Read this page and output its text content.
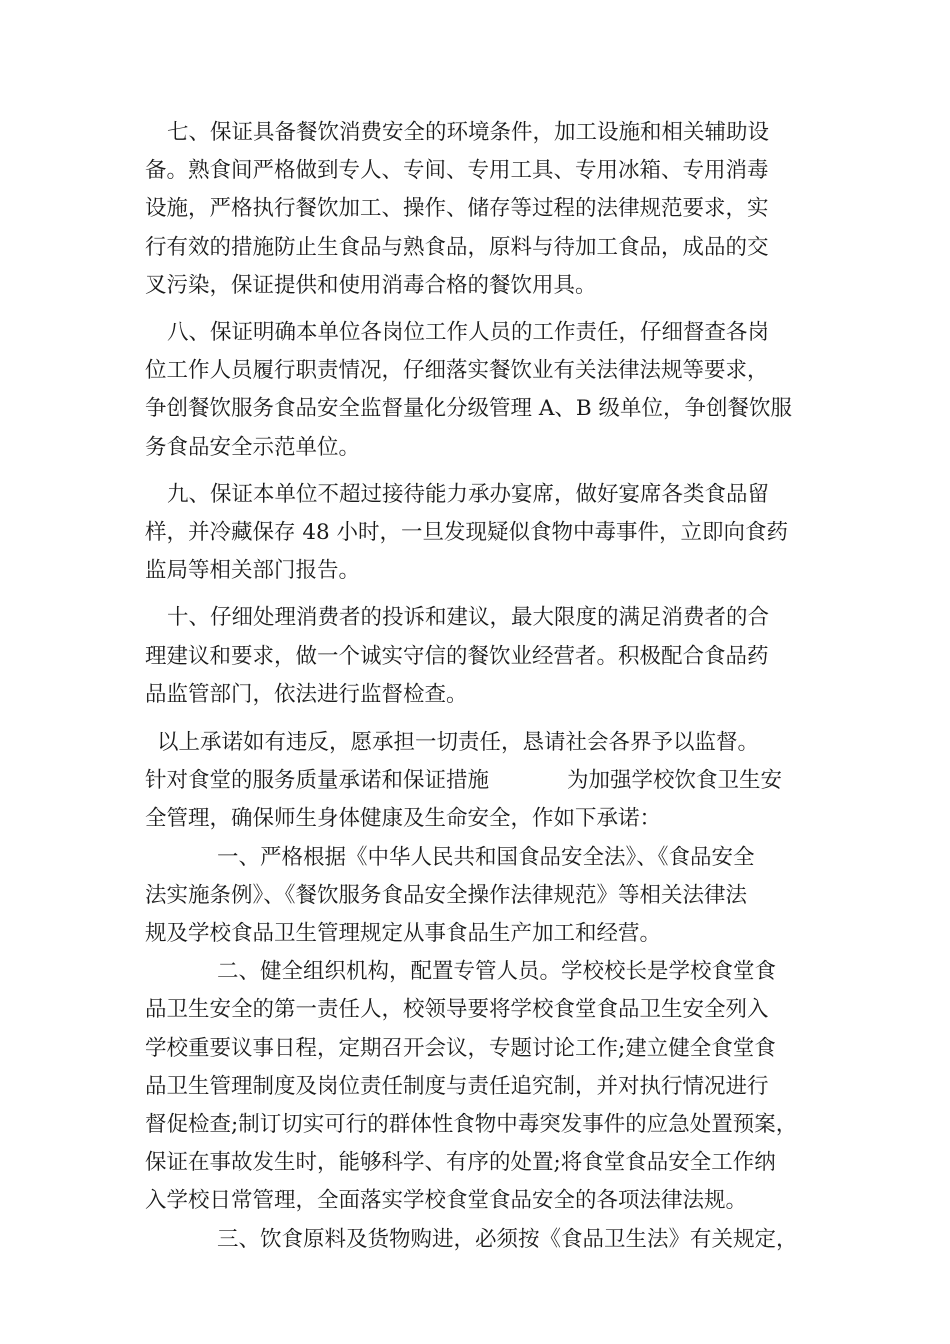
七、保证具备餐饮消费安全的环境条件，加工设施和相关辅助设

备。熟食间严格做到专人、专间、专用工具、专用冰箱、专用消毒

设施，严格执行餐饮加工、操作、储存等过程的法律规范要求，实

行有效的措施防止生食品与熟食品，原料与待加工食品，成品的交

叉污染，保证提供和使用消毒合格的餐饮用具。

八、保证明确本单位各岗位工作人员的工作责任，仔细督查各岗

位工作人员履行职责情况，仔细落实餐饮业有关法律法规等要求，

争创餐饮服务食品安全监督量化分级管理 A、B 级单位，争创餐饮服

务食品安全示范单位。

九、保证本单位不超过接待能力承办宴席，做好宴席各类食品留

样，并冷藏保存 48 小时，一旦发现疑似食物中毒事件，立即向食药

监局等相关部门报告。

十、仔细处理消费者的投诉和建议，最大限度的满足消费者的合

理建议和要求，做一个诚实守信的餐饮业经营者。积极配合食品药

品监管部门，依法进行监督检查。

以上承诺如有违反，愿承担一切责任，恳请社会各界予以监督。

针对食堂的服务质量承诺和保证措施	为加强学校饮食卫生安

全管理，确保师生身体健康及生命安全，作如下承诺：

一、严格根据《中华人民共和国食品安全法》、《食品安全

法实施条例》、《餐饮服务食品安全操作法律规范》等相关法律法

规及学校食品卫生管理规定从事食品生产加工和经营。

二、健全组织机构，配置专管人员。学校校长是学校食堂食

品卫生安全的第一责任人，校领导要将学校食堂食品卫生安全列入

学校重要议事日程，定期召开会议，专题讨论工作;建立健全食堂食

品卫生管理制度及岗位责任制度与责任追究制，并对执行情况进行

督促检查;制订切实可行的群体性食物中毒突发事件的应急处置预案，

保证在事故发生时，能够科学、有序的处置;将食堂食品安全工作纳

入学校日常管理，全面落实学校食堂食品安全的各项法律法规。

三、饮食原料及货物购进，必须按《食品卫生法》有关规定，
